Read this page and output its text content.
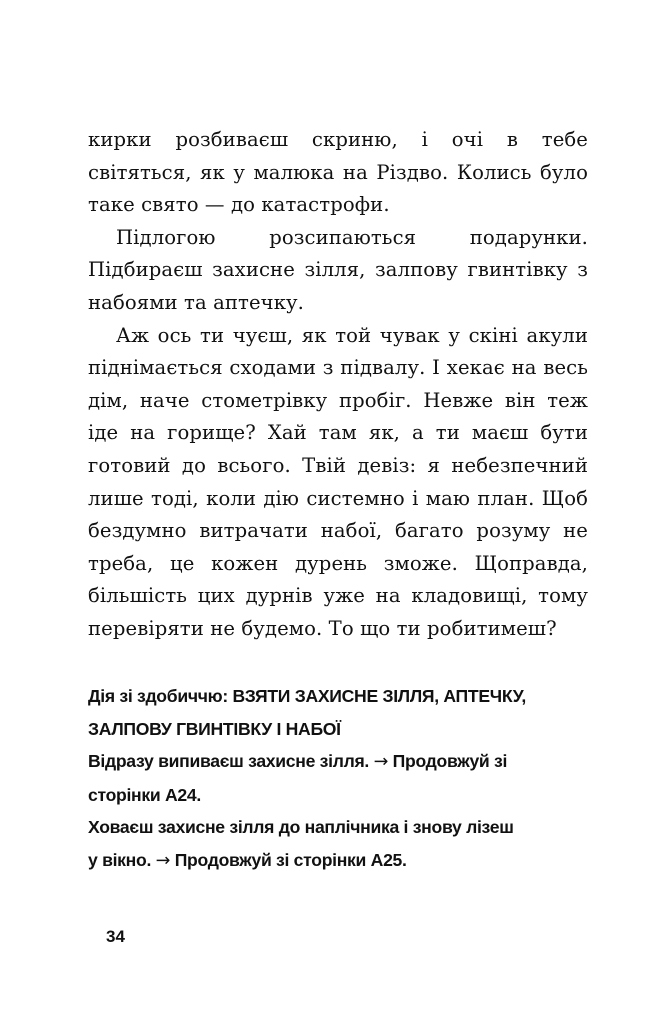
кирки розбиваєш скриню, і очі в тебе світяться, як у малюка на Різдво. Колись було таке свято — до катастрофи.

Підлогою розсипаються подарунки. Підбираєш захисне зілля, залпову гвинтівку з набоями та аптечку.

Аж ось ти чуєш, як той чувак у скіні акули піднімається сходами з підвалу. І хекає на весь дім, наче стометрівку пробіг. Невже він теж іде на горище? Хай там як, а ти маєш бути готовий до всього. Твій девіз: я небезпечний лише тоді, коли дію системно і маю план. Щоб бездумно витрачати набої, багато розуму не треба, це кожен дурень зможе. Щоправда, більшість цих дурнів уже на кладовищі, тому перевіряти не будемо. То що ти робитимеш?

Дія зі здобиччю: ВЗЯТИ ЗАХИСНЕ ЗІЛЛЯ, АПТЕЧКУ,
ЗАЛПОВУ ГВИНТІВКУ І НАБОЇ
Відразу випиваєш захисне зілля. → Продовжуй зі
сторінки A24.
Ховаєш захисне зілля до наплічника і знову лізеш
у вікно. → Продовжуй зі сторінки A25.
34
